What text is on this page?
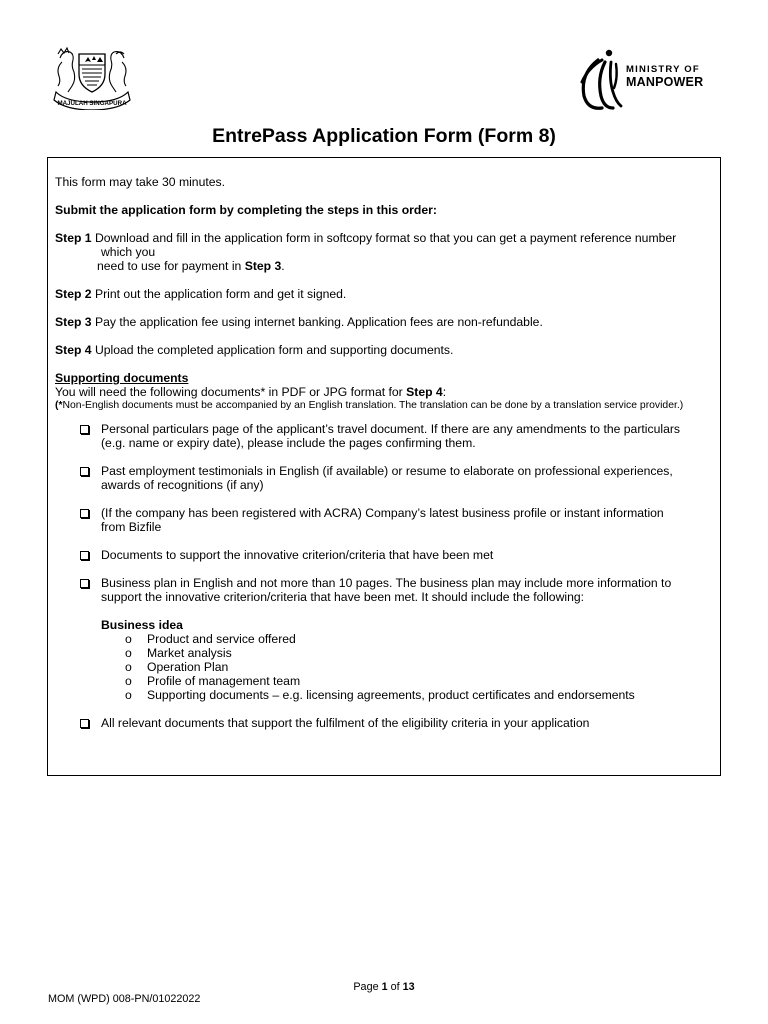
MAJULAH SINGAPURA
MINISTRY OF
MANPOWER
EntrePass Application Form (Form 8)

This form may take 30 minutes.

Submit the application form by completing the steps in this order:

Step 1 Download and fill in the application form in softcopy format so that you can get a payment reference number

which you

need to use for payment in Step 3.

Step 2 Print out the application form and get it signed.

Step 3 Pay the application fee using internet banking. Application fees are non-refundable.

Step 4 Upload the completed application form and supporting documents.

Supporting documents

You will need the following documents* in PDF or JPG format for Step 4:

(*Non-English documents must be accompanied by an English translation. The translation can be done by a translation service provider.)

Personal particulars page of the applicant’s travel document. If there are any amendments to the particulars
(e.g. name or expiry date), please include the pages confirming them.
Past employment testimonials in English (if available) or resume to elaborate on professional experiences,
awards of recognitions (if any)
(If the company has been registered with ACRA) Company’s latest business profile or instant information
from Bizfile
Documents to support the innovative criterion/criteria that have been met
Business plan in English and not more than 10 pages. The business plan may include more information to
support the innovative criterion/criteria that have been met. It should include the following:

Business idea

o Product and service offered
o Market analysis
o Operation Plan
o Profile of management team
o Supporting documents – e.g. licensing agreements, product certificates and endorsements
All relevant documents that support the fulfilment of the eligibility criteria in your application
Page 1 of 13
MOM (WPD) 008-PN/01022022
